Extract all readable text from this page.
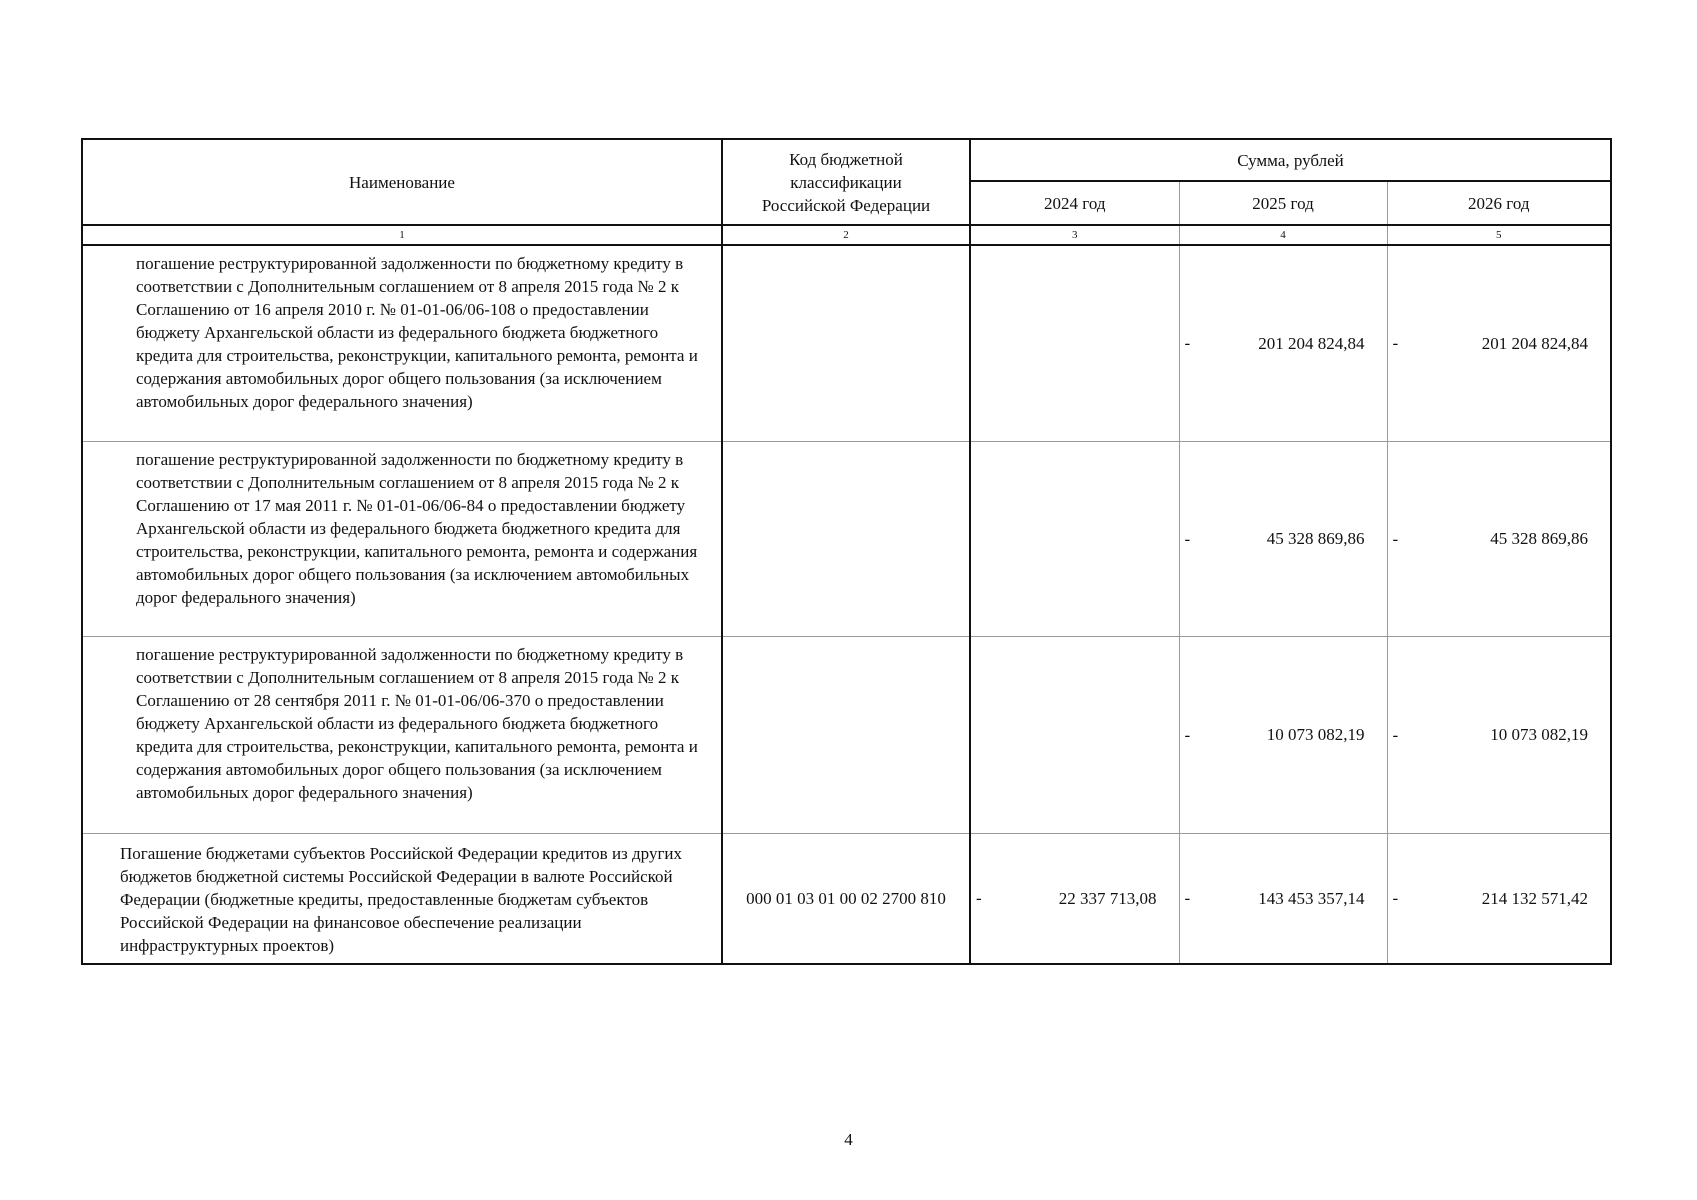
Наименование	Код бюджетной
классификации
Российской Федерации	Сумма, рублей		
		2024 год	2025 год	2026 год
1	2	3	4	5
погашение реструктурированной задолженности по бюджетному кредиту в соответствии с Дополнительным соглашением от 8 апреля 2015 года № 2 к Соглашению от 16 апреля 2010 г. № 01-01-06/06-108 о предоставлении бюджету Архангельской области из федерального бюджета бюджетного кредита для строительства, реконструкции, капитального ремонта, ремонта и содержания автомобильных дорог общего пользования (за исключением автомобильных дорог федерального значения)			- 201 204 824,84	- 201 204 824,84

погашение реструктурированной задолженности по бюджетному кредиту в соответствии с Дополнительным соглашением от 8 апреля 2015 года № 2 к Соглашению от 17 мая 2011 г. № 01-01-06/06-84 о предоставлении бюджету Архангельской области из федерального бюджета бюджетного кредита для строительства, реконструкции, капитального ремонта, ремонта и содержания автомобильных дорог общего пользования (за исключением автомобильных дорог федерального значения)			- 45 328 869,86	- 45 328 869,86

погашение реструктурированной задолженности по бюджетному кредиту в соответствии с Дополнительным соглашением от 8 апреля 2015 года № 2 к Соглашению от 28 сентября 2011 г. № 01-01-06/06-370 о предоставлении бюджету Архангельской области из федерального бюджета бюджетного кредита для строительства, реконструкции, капитального ремонта, ремонта и содержания автомобильных дорог общего пользования (за исключением автомобильных дорог федерального значения)			- 10 073 082,19	- 10 073 082,19

Погашение бюджетами субъектов Российской Федерации кредитов из других бюджетов бюджетной системы Российской Федерации в валюте Российской Федерации (бюджетные кредиты, предоставленные бюджетам субъектов Российской Федерации на финансовое обеспечение реализации инфраструктурных проектов)	000 01 03 01 00 02 2700 810	- 22 337 713,08	- 143 453 357,14	- 214 132 571,42
4
